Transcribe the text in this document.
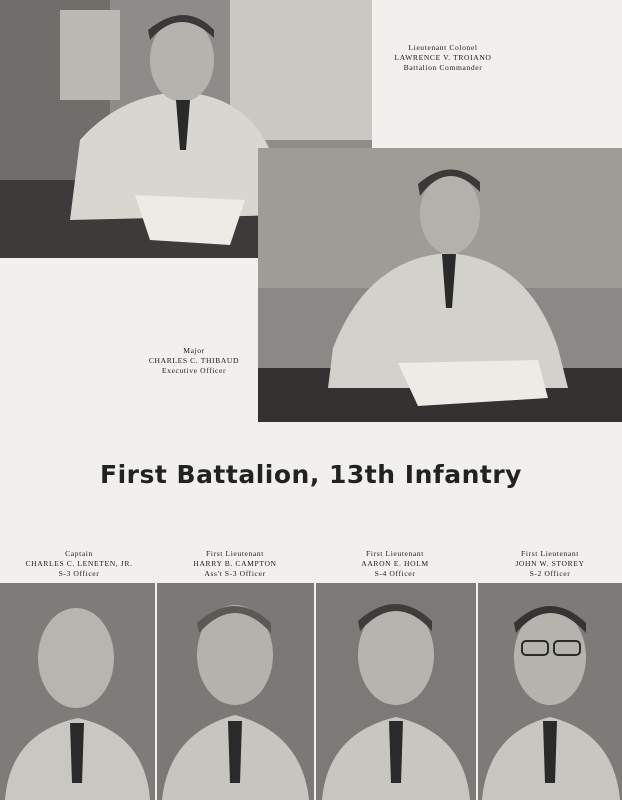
Lieutenant Colonel
LAWRENCE V. TROIANO
Battalion Commander
Major
CHARLES C. THIBAUD
Executive Officer
First Battalion, 13th Infantry
Captain
CHARLES C. LENETEN, JR.
S-3 Officer
First Lieutenant
HARRY B. CAMPTON
Ass't S-3 Officer
First Lieutenant
AARON E. HOLM
S-4 Officer
First Lieutenant
JOHN W. STOREY
S-2 Officer
